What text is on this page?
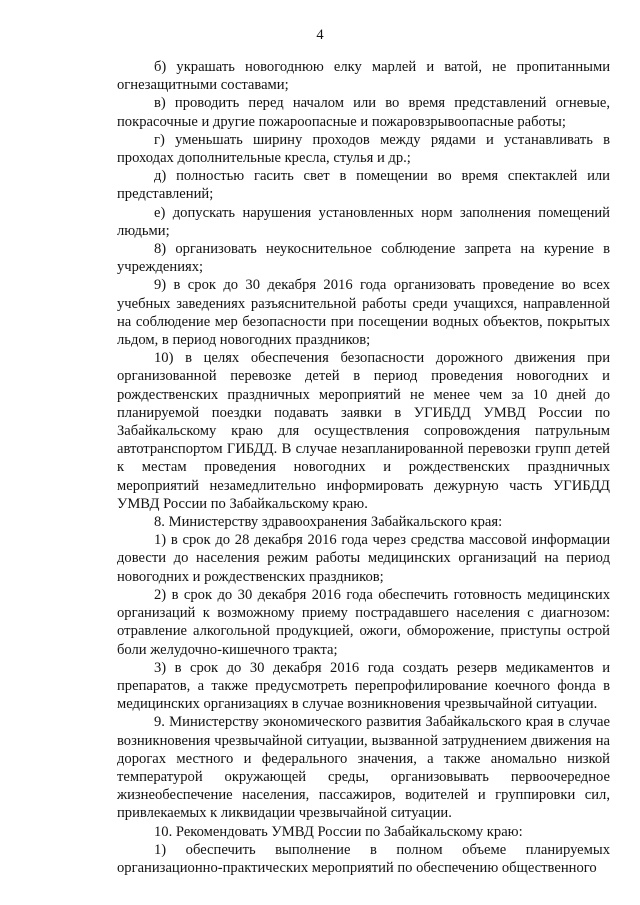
4

б) украшать новогоднюю елку марлей и ватой, не пропитанными огнезащитными составами;

в) проводить перед началом или во время представлений огневые, покрасочные и другие пожароопасные и пожаровзрывоопасные работы;

г) уменьшать ширину проходов между рядами и устанавливать в проходах дополнительные кресла, стулья и др.;

д) полностью гасить свет в помещении во время спектаклей или представлений;

е) допускать нарушения установленных норм заполнения помещений людьми;

8) организовать неукоснительное соблюдение запрета на курение в учреждениях;

9) в срок до 30 декабря 2016 года организовать проведение во всех учебных заведениях разъяснительной работы среди учащихся, направленной на соблюдение мер безопасности при посещении водных объектов, покрытых льдом, в период новогодних праздников;

10) в целях обеспечения безопасности дорожного движения при организованной перевозке детей в период проведения новогодних и рождественских праздничных мероприятий не менее чем за 10 дней до планируемой поездки подавать заявки в УГИБДД УМВД России по Забайкальскому краю для осуществления сопровождения патрульным автотранспортом ГИБДД. В случае незапланированной перевозки групп детей к местам проведения новогодних и рождественских праздничных мероприятий незамедлительно информировать дежурную часть УГИБДД УМВД России по Забайкальскому краю.

8. Министерству здравоохранения Забайкальского края:

1) в срок до 28 декабря 2016 года через средства массовой информации довести до населения режим работы медицинских организаций на период новогодних и рождественских праздников;

2) в срок до 30 декабря 2016 года обеспечить готовность медицинских организаций к возможному приему пострадавшего населения с диагнозом: отравление алкогольной продукцией, ожоги, обморожение, приступы острой боли желудочно-кишечного тракта;

3) в срок до 30 декабря 2016 года создать резерв медикаментов и препаратов, а также предусмотреть перепрофилирование коечного фонда в медицинских организациях в случае возникновения чрезвычайной ситуации.

9. Министерству экономического развития Забайкальского края в случае возникновения чрезвычайной ситуации, вызванной затруднением движения на дорогах местного и федерального значения, а также аномально низкой температурой окружающей среды, организовывать первоочередное жизнеобеспечение населения, пассажиров, водителей и группировки сил, привлекаемых к ликвидации чрезвычайной ситуации.

10. Рекомендовать УМВД России по Забайкальскому краю:

1) обеспечить выполнение в полном объеме планируемых организационно-практических мероприятий по обеспечению общественного
